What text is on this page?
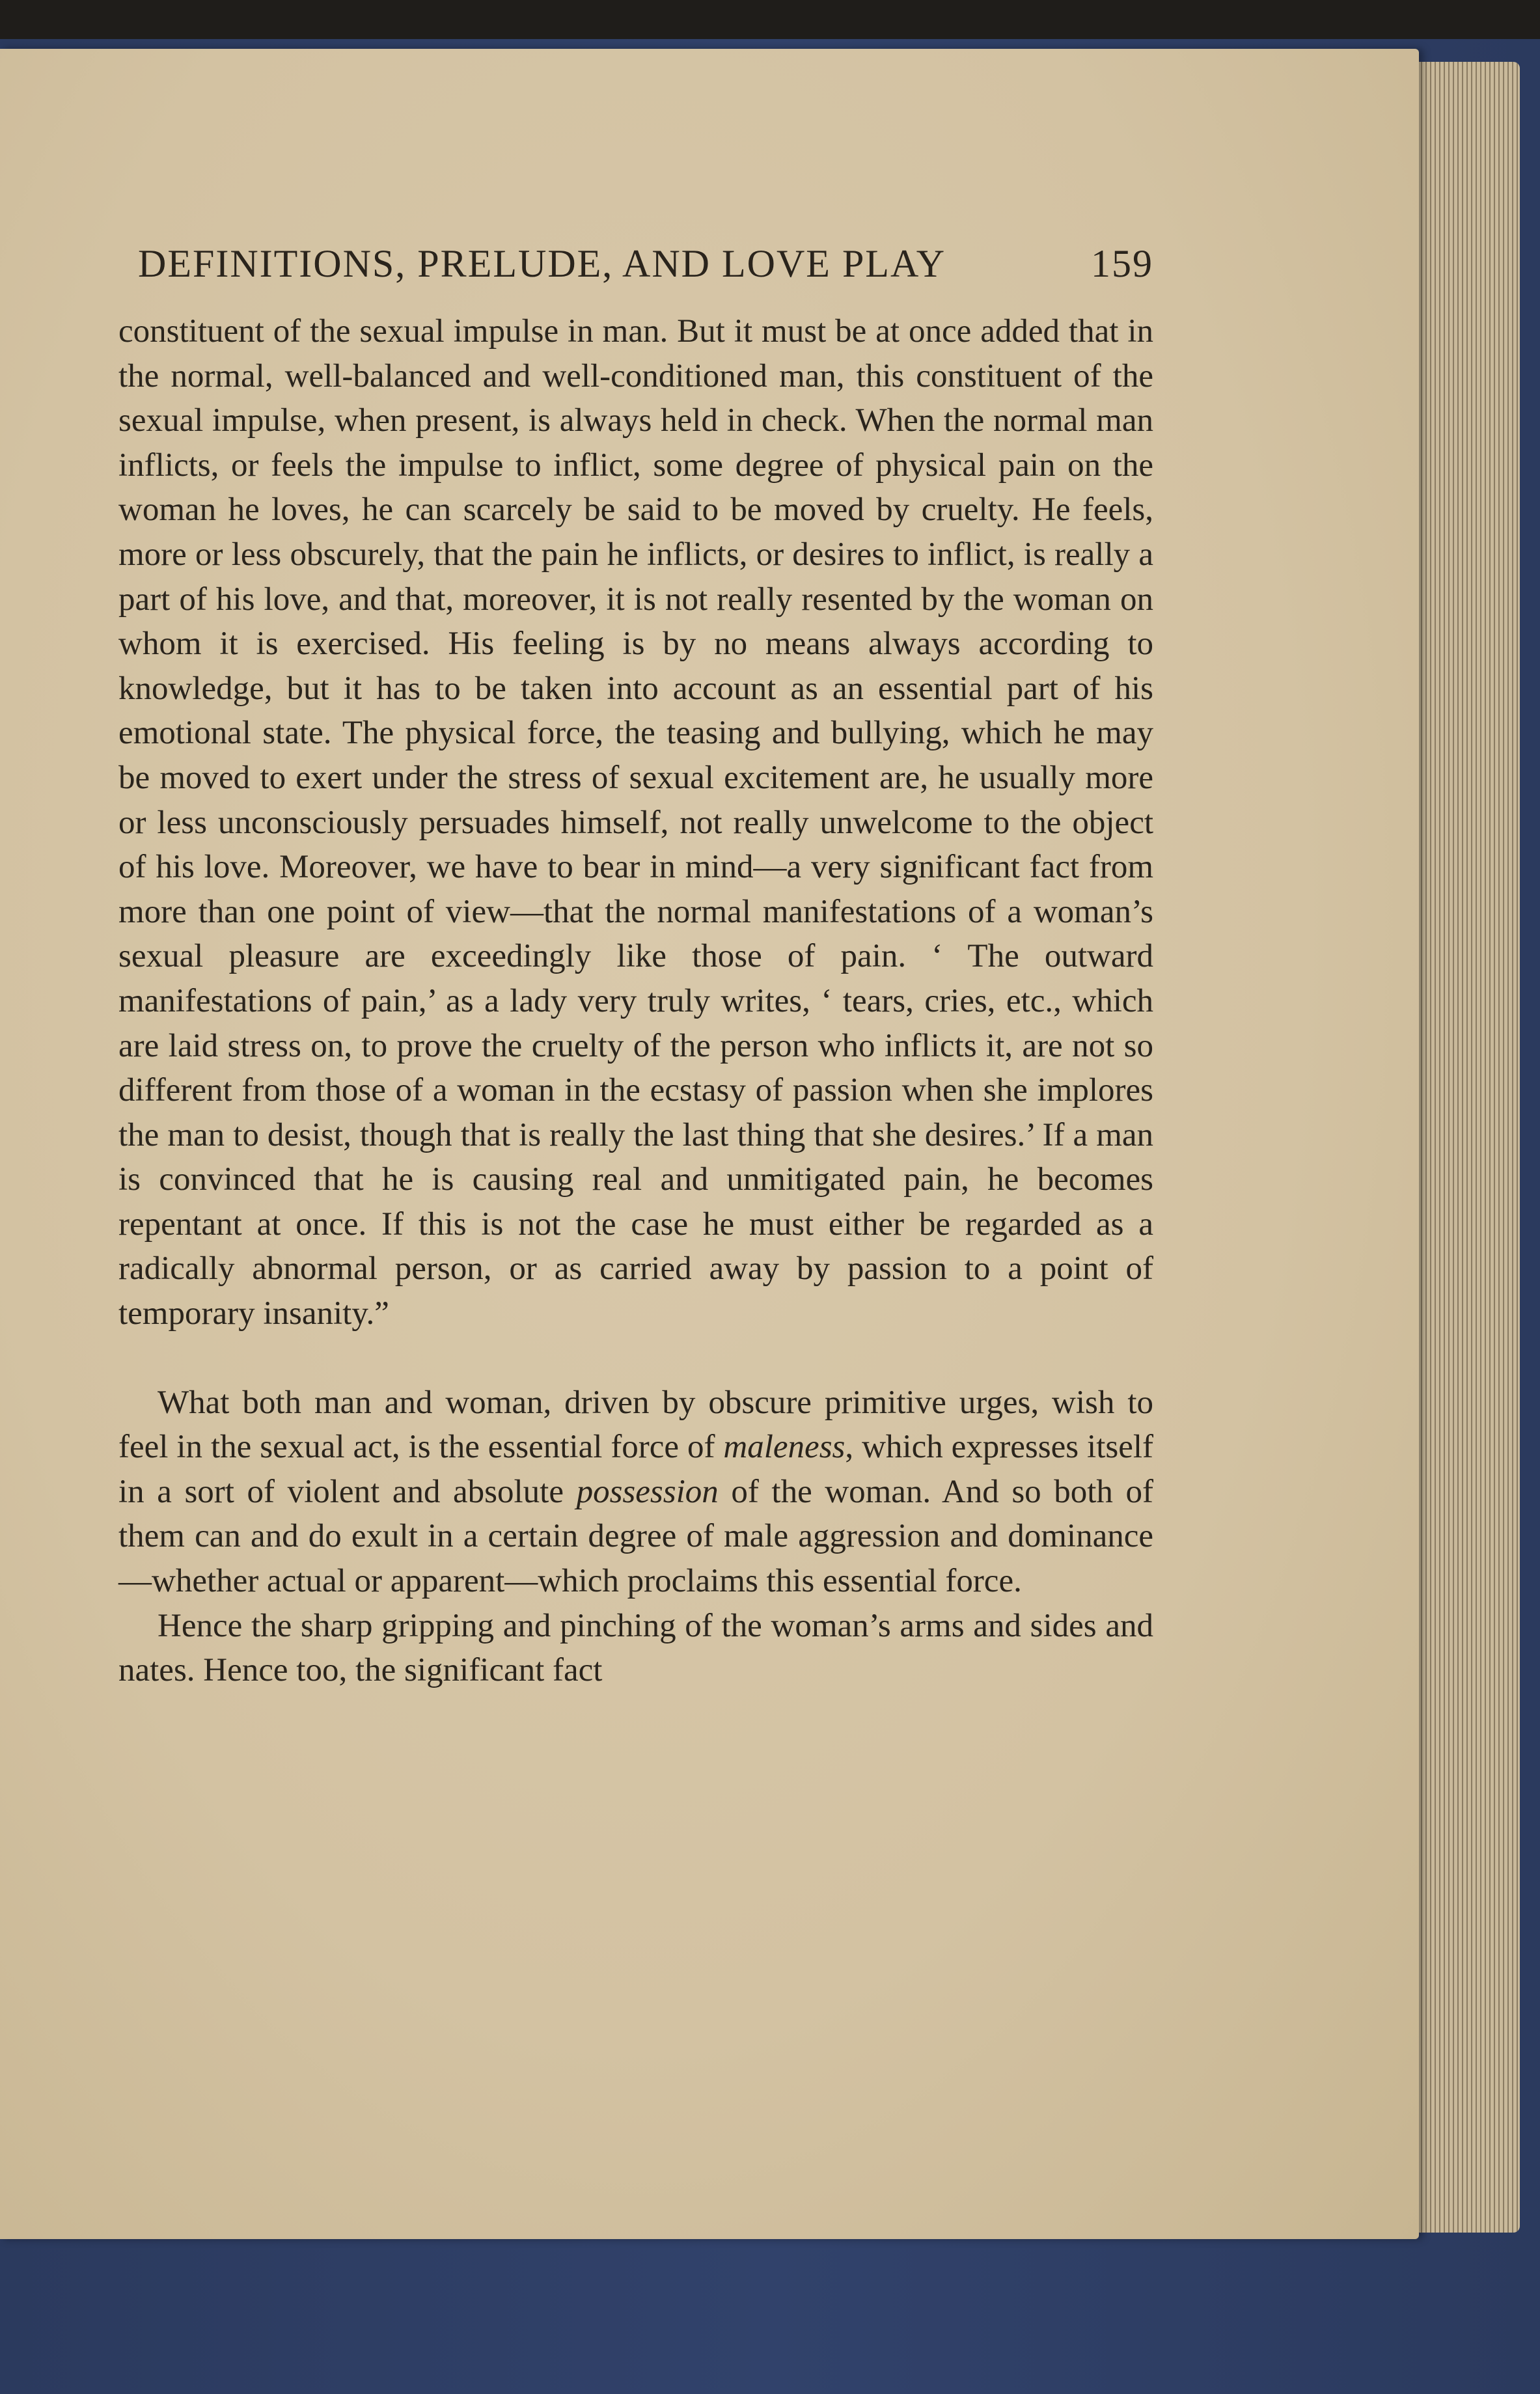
DEFINITIONS, PRELUDE, AND LOVE PLAY	159

constituent of the sexual impulse in man. But it must be at once added that in the normal, well-balanced and well-conditioned man, this constituent of the sexual impulse, when present, is always held in check. When the normal man inflicts, or feels the impulse to inflict, some degree of physical pain on the woman he loves, he can scarcely be said to be moved by cruelty. He feels, more or less obscurely, that the pain he inflicts, or desires to inflict, is really a part of his love, and that, moreover, it is not really resented by the woman on whom it is exercised. His feeling is by no means always according to knowledge, but it has to be taken into account as an essential part of his emotional state. The physical force, the teasing and bullying, which he may be moved to exert under the stress of sexual excitement are, he usually more or less unconsciously persuades himself, not really unwelcome to the object of his love. Moreover, we have to bear in mind—a very significant fact from more than one point of view—that the normal manifestations of a woman’s sexual pleasure are exceedingly like those of pain. ‘ The outward manifestations of pain,’ as a lady very truly writes, ‘ tears, cries, etc., which are laid stress on, to prove the cruelty of the person who inflicts it, are not so different from those of a woman in the ecstasy of passion when she implores the man to desist, though that is really the last thing that she desires.’ If a man is convinced that he is causing real and unmitigated pain, he becomes repentant at once. If this is not the case he must either be regarded as a radically abnormal person, or as carried away by passion to a point of temporary insanity.”

What both man and woman, driven by obscure primitive urges, wish to feel in the sexual act, is the essential force of maleness, which expresses itself in a sort of violent and absolute possession of the woman. And so both of them can and do exult in a certain degree of male aggression and dominance —whether actual or apparent—which proclaims this essential force.

Hence the sharp gripping and pinching of the woman’s arms and sides and nates. Hence too, the significant fact
